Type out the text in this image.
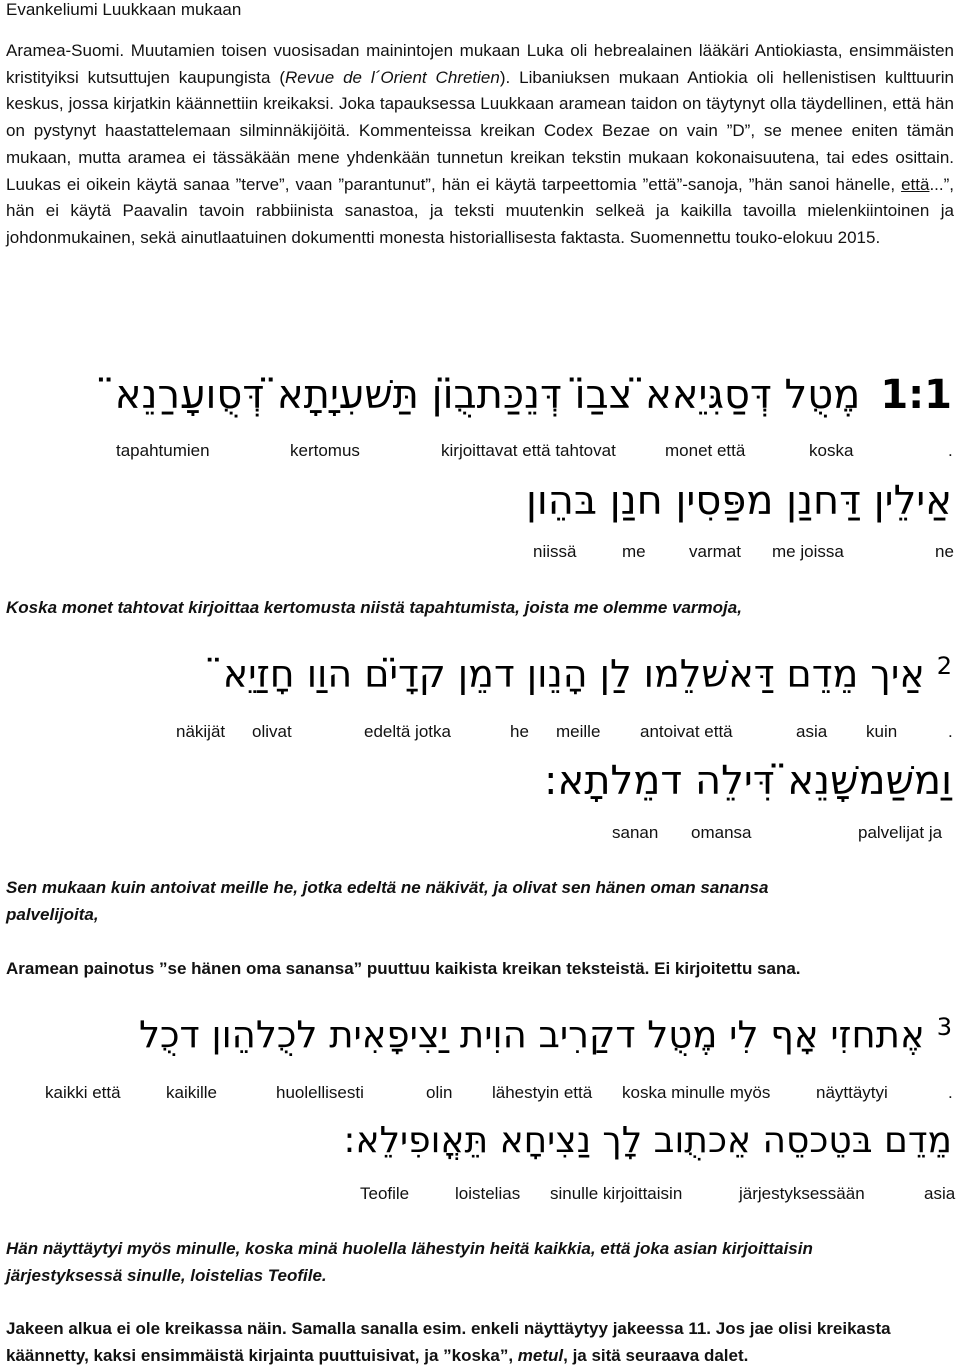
Evankeliumi Luukkaan mukaan
Aramea-Suomi. Muutamien toisen vuosisadan mainintojen mukaan Luka oli hebrealainen lääkäri Antiokiasta, ensimmäisten kristityiksi kutsuttujen kaupungista (Revue de l´Orient Chretien). Libaniuksen mukaan Antiokia oli hellenistisen kulttuurin keskus, jossa kirjatkin käännettiin kreikaksi. Joka tapauksessa Luukkaan aramean taidon on täytynyt olla täydellinen, että hän on pystynyt haastattelemaan silminnäkijöitä. Kommenteissa kreikan Codex Bezae on vain ”D”, se menee eniten tämän mukaan, mutta aramea ei tässäkään mene yhdenkään tunnetun kreikan tekstin mukaan kokonaisuutena, tai edes osittain. Luukas ei oikein käytä sanaa ”terve”, vaan ”parantunut”, hän ei käytä tarpeettomia ”että”-sanoja, ”hän sanoi hänelle, että...”, hän ei käytä Paavalin tavoin rabbiinista sanastoa, ja teksti muutenkin selkeä ja kaikilla tavoilla mielenkiintoinen ja johdonmukainen, sekä ainutlaatuinen dokumentti monesta historiallisesta faktasta. Suomennettu touko-elokuu 2015.
1:1מֶטֻל דְּסַגִּיֵאא̈ צבַ̈ו דְּנֵכַּתבֻ̈ון תַּשׁעִיָתָא̈ דְּסֻועָרַנֵא̈
tapahtumien	kertomus	kirjoittavat että tahtovat	monet että	koska	.
אַילֵין דַּחנַן מפַּסִין חנַן בּהֵון
niissä	me	varmat me joissa	ne
Koska monet tahtovat kirjoittaa kertomusta niistä tapahtumista, joista me olemme varmoja,
2אַיך מֵדֵם דַּאשׁלֵמו לַן הָנֵון דמֵן קדָ̈ים הוַו חָזַיֵא̈
näkijät olivat	edeltä jotka	he meille antoivat että	asia kuin	.
וַמשַׁמשָׁנֵא̈ דִּילֵה דמֵלתָא:
sanan omansa	palvelijat ja
Sen mukaan kuin antoivat meille he, jotka edeltä ne näkivät, ja olivat sen hänen oman sanansa
palvelijoita,
Aramean painotus ”se hänen oma sanansa” puuttuu kaikista kreikan teksteistä. Ei kirjoitettu sana.
3אֶתחזִי אָף לִי מֶטֻל דקַרִיב הוִית יַצִיפָאִית לכֻלהֵון דכֻל
kaikki että	kaikille	huolellisesti	olin lähestyin että koska minulle myös	näyttäytyi	.
מֵדֵם בּטֵכסֵה אֵכתֻוב לָך נַצִיחָא תֵּאֳופִילֵא:
Teofile	loistelias sinulle kirjoittaisin	järjestyksessään	asia
Hän näyttäytyi myös minulle, koska minä huolella lähestyin heitä kaikkia, että joka asian kirjoittaisin
järjestyksessä sinulle, loistelias Teofile.
Jakeen alkua ei ole kreikassa näin. Samalla sanalla esim. enkeli näyttäytyy jakeessa 11. Jos jae olisi kreikasta käännetty, kaksi ensimmäistä kirjainta puuttuisivat, ja ”koska”, metul, ja sitä seuraava dalet.
